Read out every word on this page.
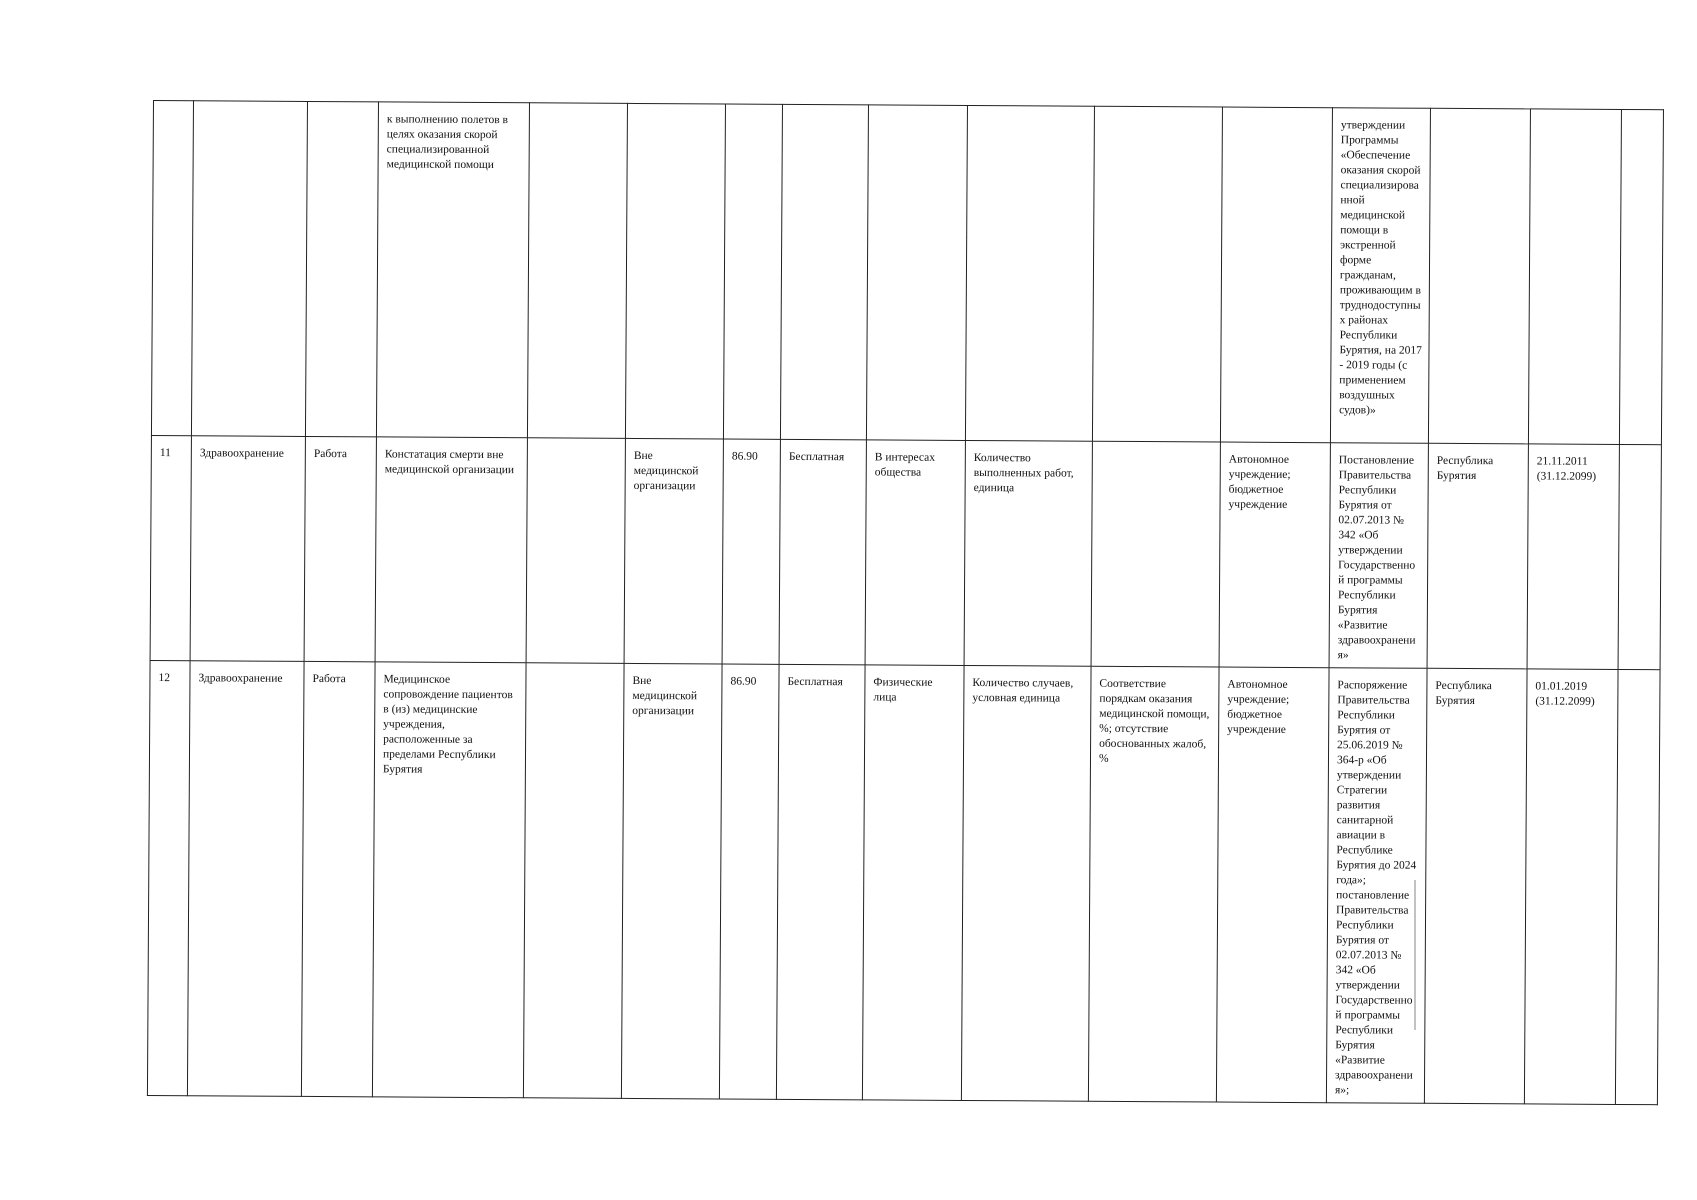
			к выполнению полетов в целях оказания скорой специализированной медицинской помощи									утверждении Программы «Обеспечение оказания скорой специализирова нной медицинской помощи в экстренной форме гражданам, проживающим в труднодоступны х районах Республики Бурятия, на 2017 - 2019 годы (с применением воздушных судов)»			
11	Здравоохранение	Работа	Констатация смерти вне медицинской организации		Вне медицинской организации	86.90	Бесплатная	В интересах общества	Количество выполненных работ, единица		Автономное учреждение; бюджетное учреждение	Постановление Правительства Республики Бурятия от 02.07.2013 № 342 «Об утверждении Государственно й программы Республики Бурятия «Развитие здравоохранени я»	Республика Бурятия	21.11.2011 (31.12.2099)	
12	Здравоохранение	Работа	Медицинское сопровождение пациентов в (из) медицинские учреждения, расположенные за пределами Республики Бурятия		Вне медицинской организации	86.90	Бесплатная	Физические лица	Количество случаев, условная единица	Соответствие порядкам оказания медицинской помощи, %; отсутствие обоснованных жалоб, %	Автономное учреждение; бюджетное учреждение	Распоряжение Правительства Республики Бурятия от 25.06.2019 № 364-р «Об утверждении Стратегии развития санитарной авиации в Республике Бурятия до 2024 года»; постановление Правительства Республики Бурятия от 02.07.2013 № 342 «Об утверждении Государственно й программы Республики Бурятия «Развитие здравоохранени я»;	Республика Бурятия	01.01.2019 (31.12.2099)	
